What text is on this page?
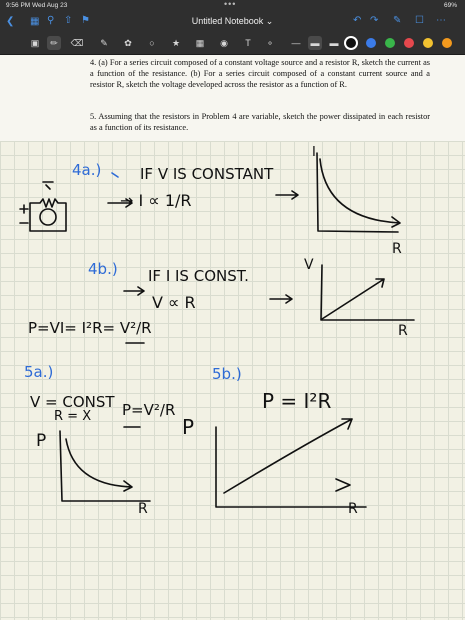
9:56 PM Wed Aug 23	•••	69%
❮ ▦ ⚲ ⇧ ⚑	Untitled Notebook ⌄	↶ ↷ ✎ ☐ ⋯
▣	✏	⌫	✎	✿	○	★	▦	◉	T	⚬	— ▬ ▬

4. (a) For a series circuit composed of a constant voltage source and a resistor R, sketch the current as a function of the resistance. (b) For a series circuit composed of a constant current source and a resistor R, sketch the voltage developed across the resistor as a function of R.

5. Assuming that the resistors in Problem 4 are variable, sketch the power dissipated in each resistor as a function of its resistance.

4a.)	IF V IS CONSTANT
→ I ∝ 1/R
I
R
4b.) IF I IS CONST.
V ∝ R
V
R
P=VI= I²R= V²/R
5a.)
V = CONST
R = X P=V²/R
P
R
5b.)
P = I²R
P
R
